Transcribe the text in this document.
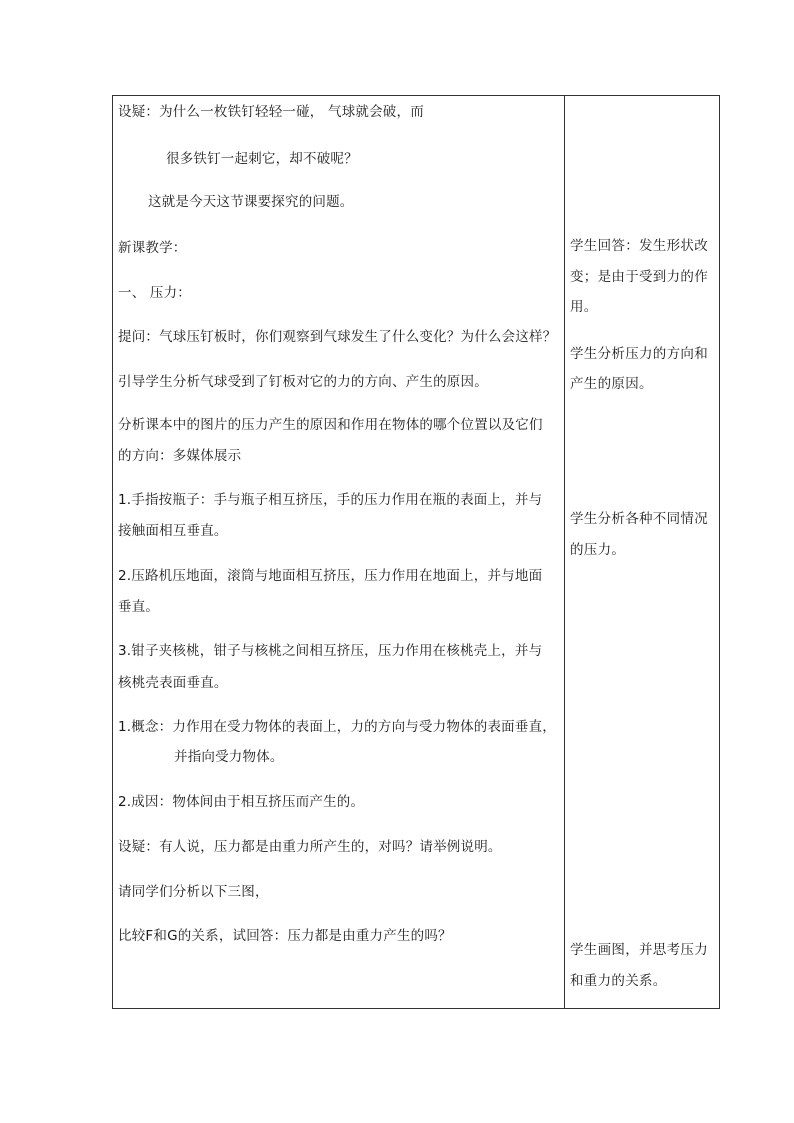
设疑：为什么一枚铁钉轻轻一碰， 气球就会破，而
很多铁钉一起刺它，却不破呢？
这就是今天这节课要探究的问题。
新课教学：
一、 压力：
提问：气球压钉板时，你们观察到气球发生了什么变化？为什么会这样？
引导学生分析气球受到了钉板对它的力的方向、产生的原因。
分析课本中的图片的压力产生的原因和作用在物体的哪个位置以及它们
的方向：多媒体展示
1.手指按瓶子：手与瓶子相互挤压，手的压力作用在瓶的表面上，并与
接触面相互垂直。
2.压路机压地面，滚筒与地面相互挤压，压力作用在地面上，并与地面
垂直。
3.钳子夹核桃，钳子与核桃之间相互挤压，压力作用在核桃壳上，并与
核桃壳表面垂直。
1.概念：力作用在受力物体的表面上，力的方向与受力物体的表面垂直，
并指向受力物体。
2.成因：物体间由于相互挤压而产生的。
设疑：有人说，压力都是由重力所产生的，对吗？请举例说明。
请同学们分析以下三图，
比较F和G的关系，试回答：压力都是由重力产生的吗？
学生回答：发生形状改
变；是由于受到力的作
用。
学生分析压力的方向和
产生的原因。
学生分析各种不同情况
的压力。
学生画图，并思考压力
和重力的关系。
